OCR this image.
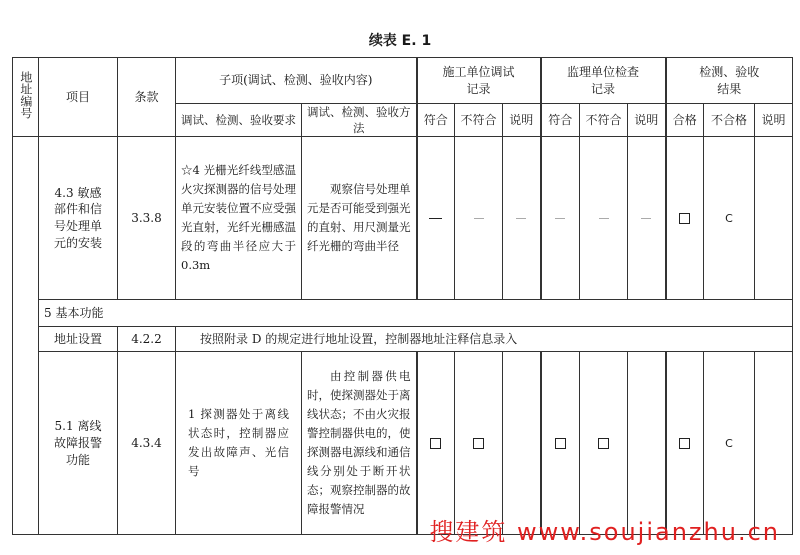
续表 E. 1
地址编号	项目	条款	子项(调试、检测、验收内容)		施工单位调试记录			监理单位检查记录			检测、验收结果		
			调试、检测、验收要求	调试、检测、验收方法	符合	不符合	说明	符合	不符合	说明	合格	不合格	说明
	4.3 敏感部件和信号处理单元的安装	3.3.8	☆4 光栅光纤线型感温火灾探测器的信号处理单元安装位置不应受强光直射，光纤光栅感温段的弯曲半径应大于 0.3m	观察信号处理单元是否可能受到强光的直射、用尺测量光纤光栅的弯曲半径								C	
	5 基本功能												
	地址设置	4.2.2	按照附录 D 的规定进行地址设置，控制器地址注释信息录入										

	5.1 离线故障报警功能	4.3.4	1 探测器处于离线状态时，控制器应发出故障声、光信号	由控制器供电时，使探测器处于离线状态；不由火灾报警控制器供电的，使探测器电源线和通信线分别处于断开状态；观察控制器的故障报警情况								C	
搜建筑 www.soujianzhu.cn
